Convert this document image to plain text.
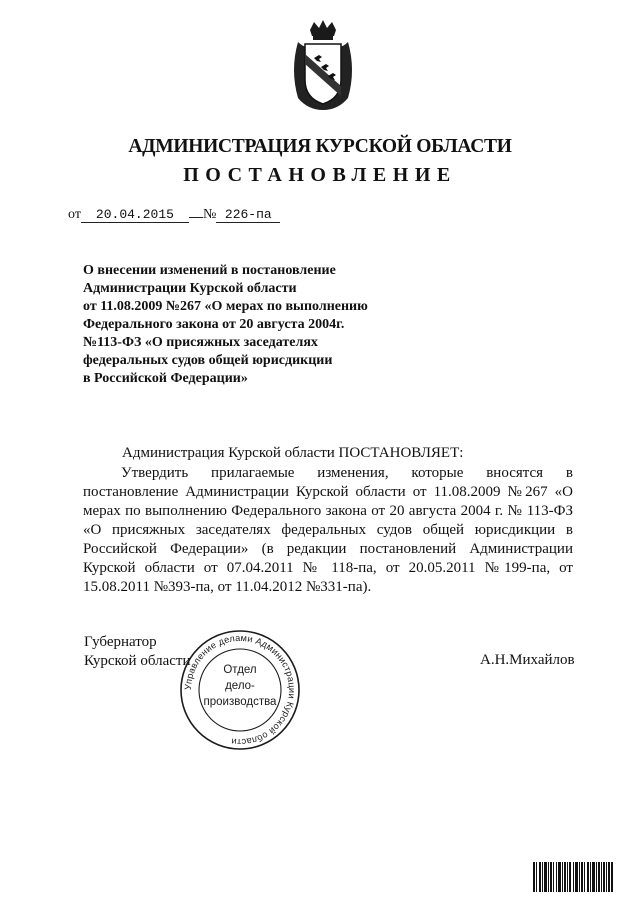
АДМИНИСТРАЦИЯ КУРСКОЙ ОБЛАСТИ
ПОСТАНОВЛЕНИЕ
от 20.04.2015 № 226-па
О внесении изменений в постановление
Администрации Курской области
от 11.08.2009 №267 «О мерах по выполнению
Федерального закона от 20 августа 2004г.
№113-ФЗ «О присяжных заседателях
федеральных судов общей юрисдикции
в Российской Федерации»
Администрация Курской области ПОСТАНОВЛЯЕТ:
Утвердить прилагаемые изменения, которые вносятся в постановление Администрации Курской области от 11.08.2009 №267 «О мерах по выполнению Федерального закона от 20 августа 2004 г. № 113-ФЗ «О присяжных заседателях федеральных судов общей юрисдикции в Российской Федерации» (в редакции постановлений Администрации Курской области от 07.04.2011 № 118-па, от 20.05.2011 №199-па, от 15.08.2011 №393-па, от 11.04.2012 №331-па).
Губернатор
Курской области	А.Н.Михайлов
Управление делами Администрации Курской области
Отдел
дело-
производства
